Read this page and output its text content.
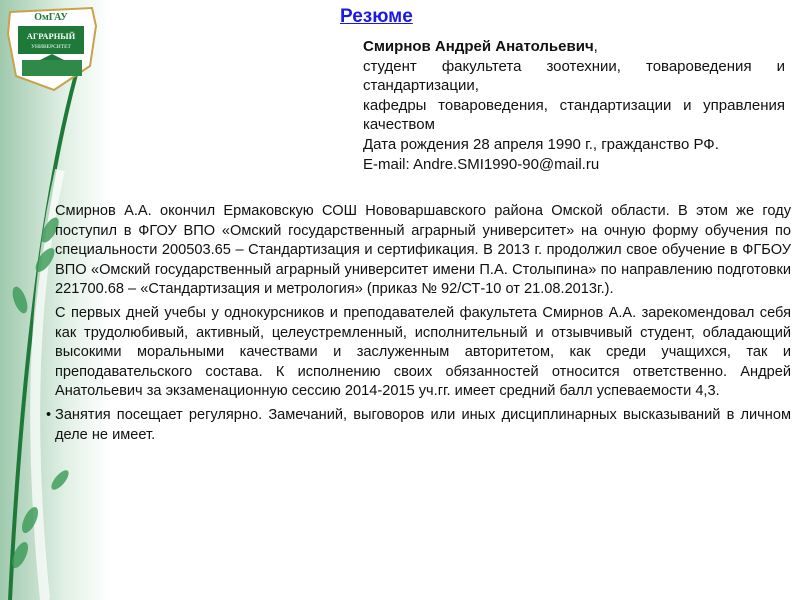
ОмГАУ
АГРАРНЫЙ
УНИВЕРСИТЕТ
Резюме
Смирнов Андрей Анатольевич,
студент факультета зоотехнии, товароведения и стандартизации,
кафедры товароведения, стандартизации и управления качеством
Дата рождения 28 апреля 1990 г., гражданство РФ.
E-mail: Andre.SMI1990-90@mail.ru

Смирнов А.А. окончил Ермаковскую СОШ Нововаршавского района Омской области. В этом же году поступил в ФГОУ ВПО «Омский государственный аграрный университет» на очную форму обучения по специальности 200503.65 – Стандартизация и сертификация. В 2013 г. продолжил свое обучение в ФГБОУ ВПО «Омский государственный аграрный университет имени П.А. Столыпина» по направлению подготовки 221700.68 – «Стандартизация и метрология» (приказ № 92/СТ-10 от 21.08.2013г.).

С первых дней учебы у однокурсников и преподавателей факультета Смирнов А.А. зарекомендовал себя как трудолюбивый, активный, целеустремленный, исполнительный и отзывчивый студент, обладающий высокими моральными качествами и заслуженным авторитетом, как среди учащихся, так и преподавательского состава. К исполнению своих обязанностей относится ответственно. Андрей Анатольевич за экзаменационную сессию 2014-2015 уч.гг. имеет средний балл успеваемости 4,3.

• Занятия посещает регулярно. Замечаний, выговоров или иных дисциплинарных высказываний в личном деле не имеет.
